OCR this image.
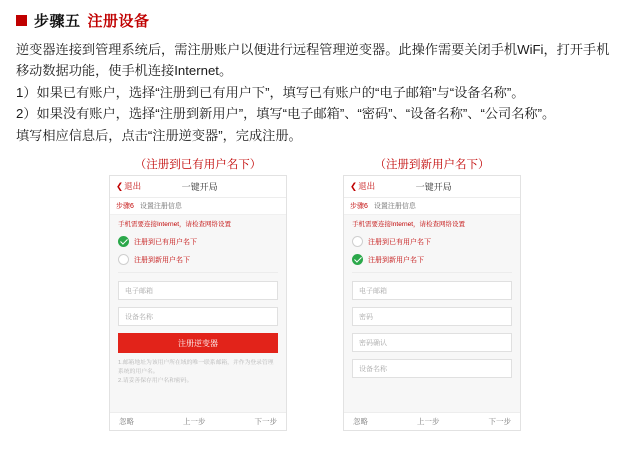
步骤五 注册设备

逆变器连接到管理系统后，需注册账户以便进行远程管理逆变器。此操作需要关闭手机WiFi，打开手机移动数据功能，使手机连接Internet。

1）如果已有账户，选择“注册到已有用户下”，填写已有账户的“电子邮箱”与“设备名称”。

2）如果没有账户，选择“注册到新用户”，填写“电子邮箱”、“密码”、“设备名称”、“公司名称”。

填写相应信息后，点击“注册逆变器”，完成注册。

（注册到已有用户名下）
❮ 退出	一键开局
步骤6 设置注册信息
手机需要连接Internet，请检查网络设置
注册到已有用户名下
注册到新用户名下
电子邮箱
设备名称
注册逆变器
1.邮箱地址为该用户所在域的唯一联系邮箱，并作为登录管理系统的用户名。
2.请妥善保存用户名和密码。
忽略	上一步	下一步
（注册到新用户名下）
❮ 退出	一键开局
步骤6 设置注册信息
手机需要连接Internet，请检查网络设置
注册到已有用户名下
注册到新用户名下
电子邮箱
密码
密码确认
设备名称
忽略	上一步	下一步
